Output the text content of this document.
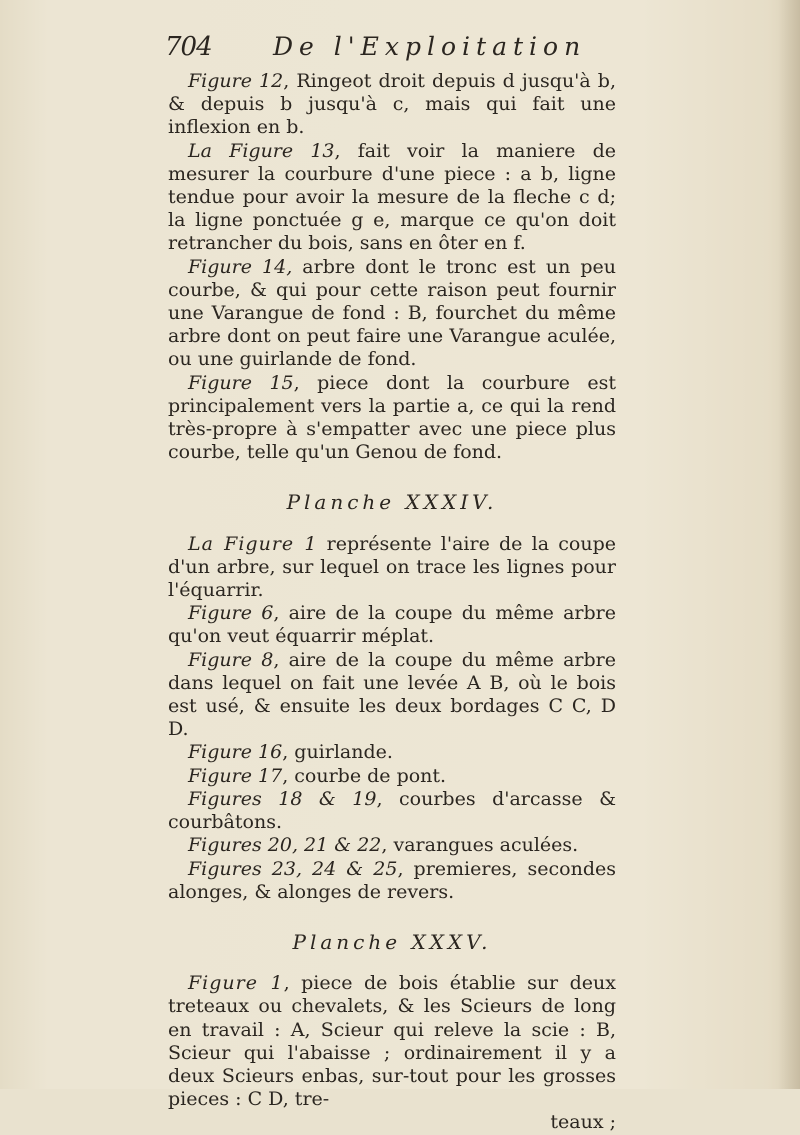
704 De l'Exploitation

Figure 12, Ringeot droit depuis d jusqu'à b, & depuis b jusqu'à c, mais qui fait une inflexion en b.

La Figure 13, fait voir la maniere de mesurer la courbure d'une piece : a b, ligne tendue pour avoir la mesure de la fleche c d; la ligne ponctuée g e, marque ce qu'on doit retrancher du bois, sans en ôter en f.

Figure 14, arbre dont le tronc est un peu courbe, & qui pour cette raison peut fournir une Varangue de fond : B, fourchet du même arbre dont on peut faire une Varangue aculée, ou une guirlande de fond.

Figure 15, piece dont la courbure est principalement vers la partie a, ce qui la rend très-propre à s'empatter avec une piece plus courbe, telle qu'un Genou de fond.

Planche XXXIV.

La Figure 1 représente l'aire de la coupe d'un arbre, sur lequel on trace les lignes pour l'équarrir.

Figure 6, aire de la coupe du même arbre qu'on veut équarrir méplat.

Figure 8, aire de la coupe du même arbre dans lequel on fait une levée A B, où le bois est usé, & ensuite les deux bordages C C, D D.

Figure 16, guirlande.

Figure 17, courbe de pont.

Figures 18 & 19, courbes d'arcasse & courbâtons.

Figures 20, 21 & 22, varangues aculées.

Figures 23, 24 & 25, premieres, secondes alonges, & alonges de revers.

Planche XXXV.

Figure 1, piece de bois établie sur deux treteaux ou chevalets, & les Scieurs de long en travail : A, Scieur qui releve la scie : B, Scieur qui l'abaisse ; ordinairement il y a deux Scieurs enbas, sur-tout pour les grosses pieces : C D, tre-

teaux ;
